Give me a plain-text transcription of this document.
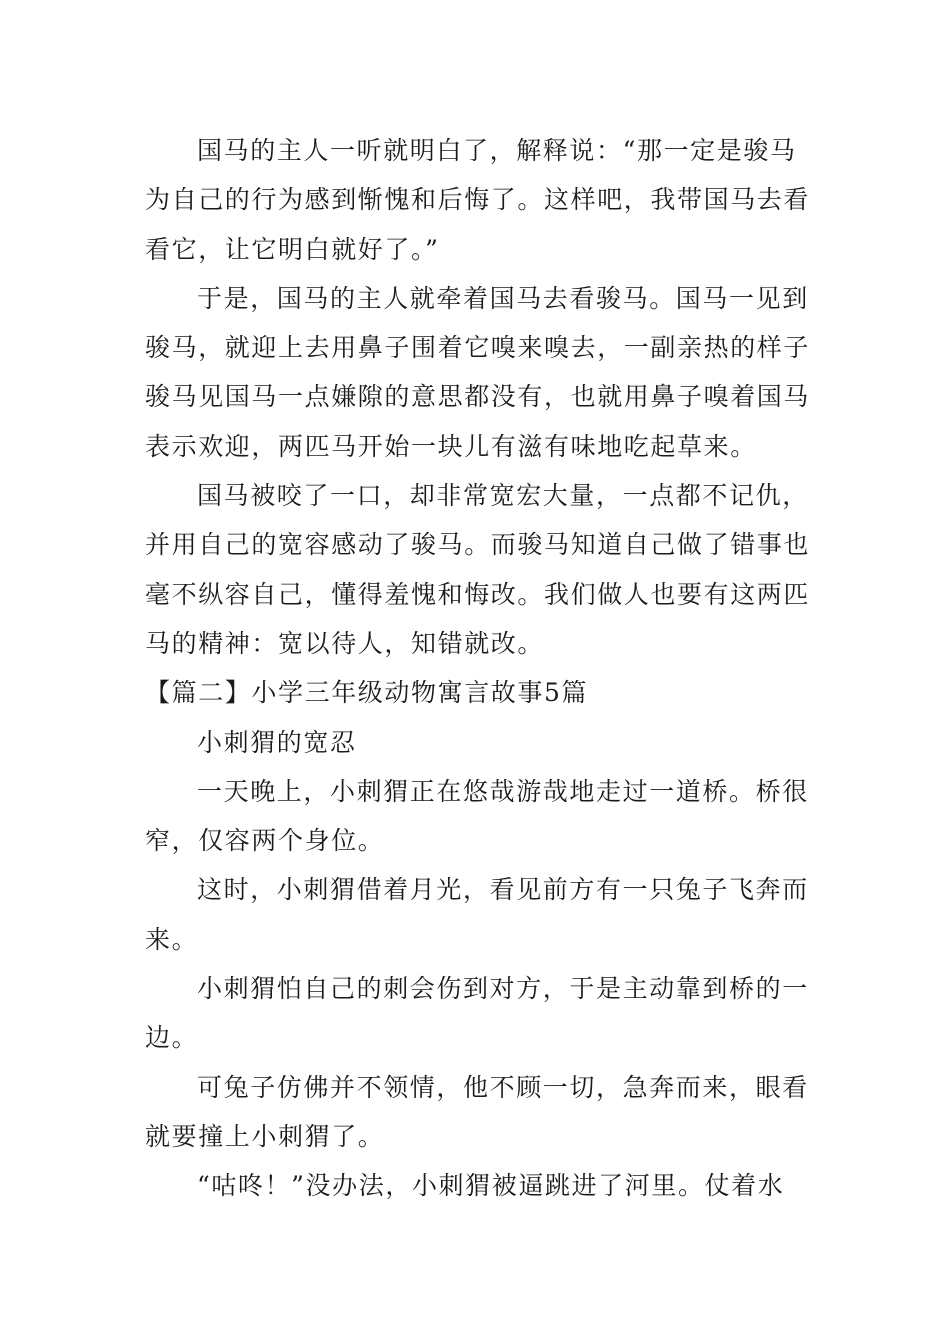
国马的主人一听就明白了，解释说：“那一定是骏马
为自己的行为感到惭愧和后悔了。这样吧，我带国马去看
看它，让它明白就好了。”
于是，国马的主人就牵着国马去看骏马。国马一见到
骏马，就迎上去用鼻子围着它嗅来嗅去，一副亲热的样子
骏马见国马一点嫌隙的意思都没有，也就用鼻子嗅着国马
表示欢迎，两匹马开始一块儿有滋有味地吃起草来。
国马被咬了一口，却非常宽宏大量，一点都不记仇，
并用自己的宽容感动了骏马。而骏马知道自己做了错事也
毫不纵容自己，懂得羞愧和悔改。我们做人也要有这两匹
马的精神：宽以待人，知错就改。
【篇二】小学三年级动物寓言故事5篇
小刺猬的宽忍
一天晚上，小刺猬正在悠哉游哉地走过一道桥。桥很
窄，仅容两个身位。
这时，小刺猬借着月光，看见前方有一只兔子飞奔而
来。
小刺猬怕自己的刺会伤到对方，于是主动靠到桥的一
边。
可兔子仿佛并不领情，他不顾一切，急奔而来，眼看
就要撞上小刺猬了。
“咕咚！”没办法，小刺猬被逼跳进了河里。仗着水
